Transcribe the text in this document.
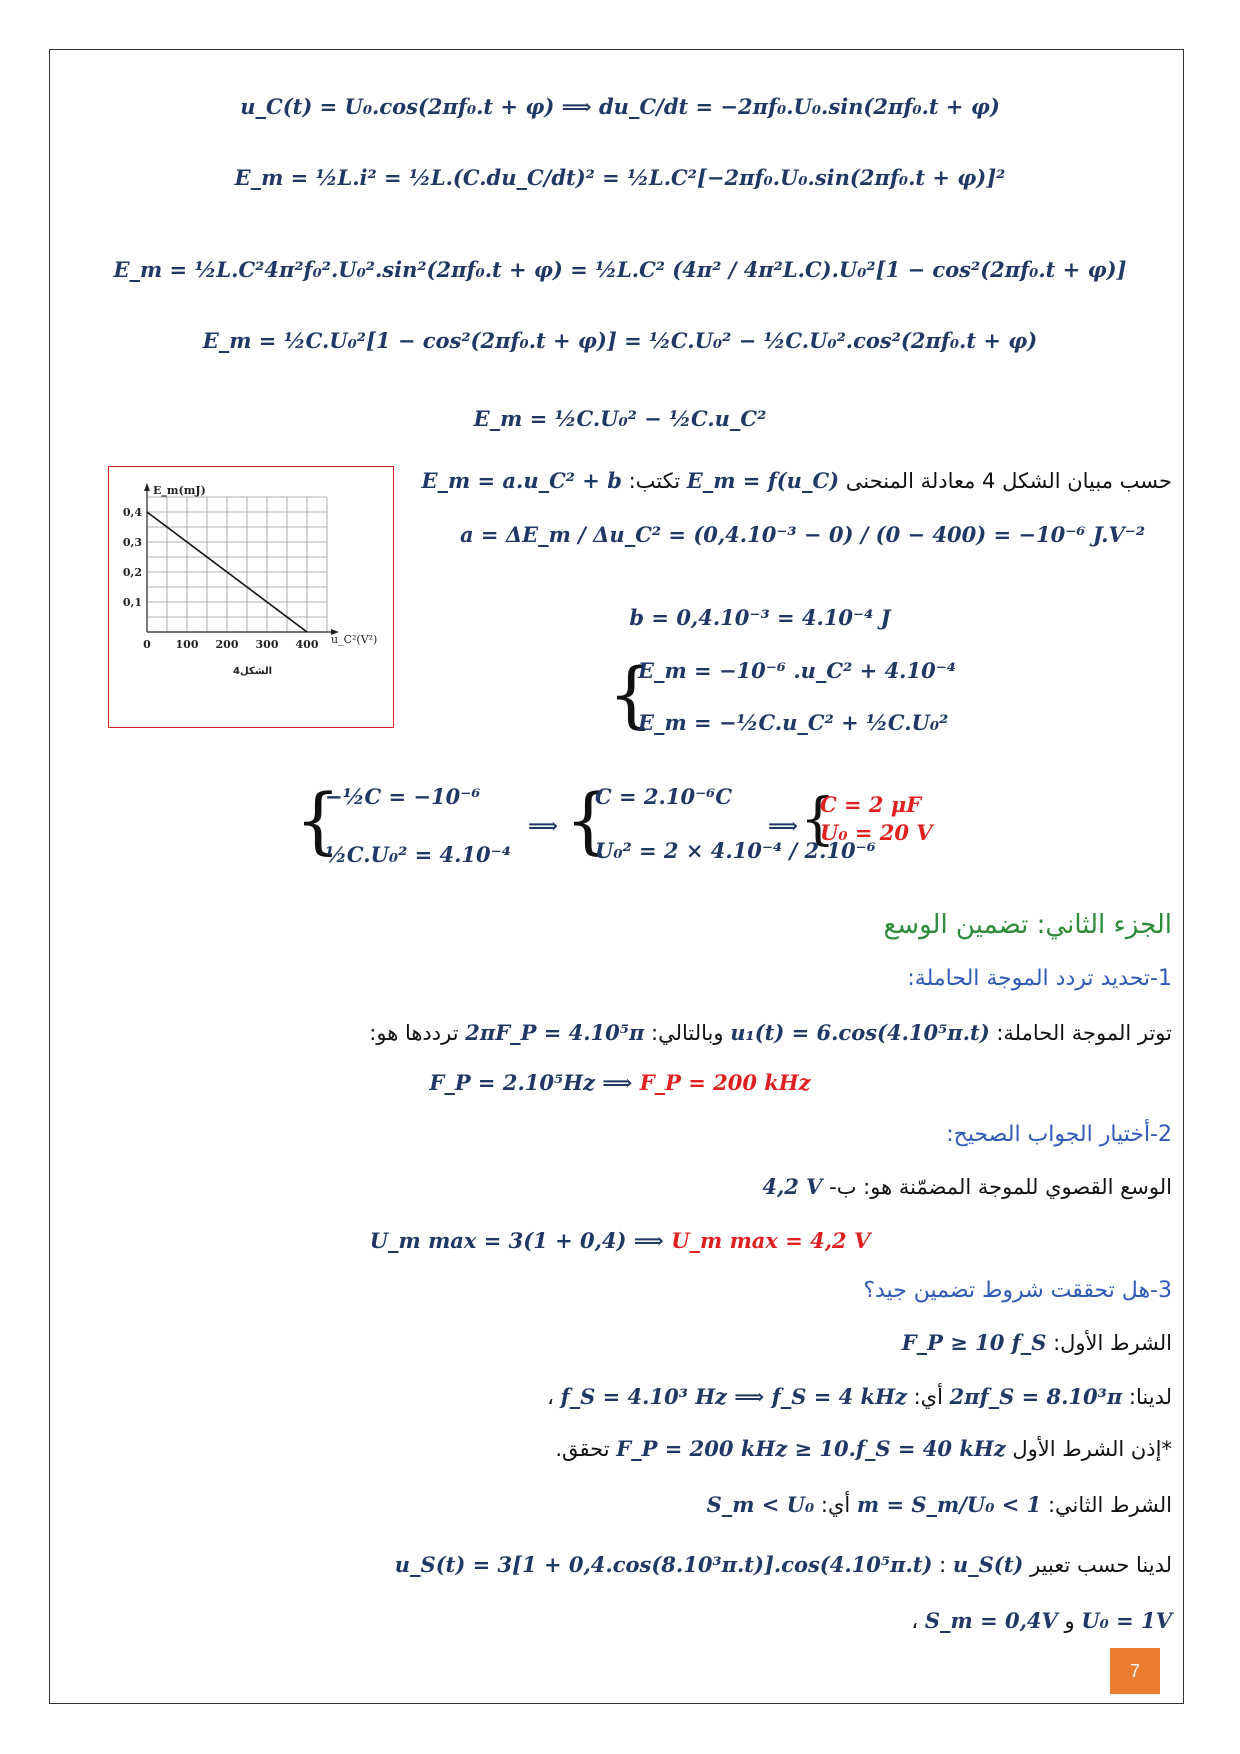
u_C(t) = U₀.cos(2πf₀.t + φ) ⟹ du_C/dt = −2πf₀.U₀.sin(2πf₀.t + φ)
E_m = ½L.i² = ½L.(C.du_C/dt)² = ½L.C²[−2πf₀.U₀.sin(2πf₀.t + φ)]²
E_m = ½L.C²4π²f₀².U₀².sin²(2πf₀.t + φ) = ½L.C² (4π² / 4π²L.C).U₀²[1 − cos²(2πf₀.t + φ)]
E_m = ½C.U₀²[1 − cos²(2πf₀.t + φ)] = ½C.U₀² − ½C.U₀².cos²(2πf₀.t + φ)
E_m = ½C.U₀² − ½C.u_C²
حسب مبيان الشكل 4 معادلة المنحنى E_m = f(u_C) تكتب: E_m = a.u_C² + b
0 100 200 300 400
0,1
0,2
0,3
0,4
E_m(mJ)
u_C²(V²)
الشكل4
a = ΔE_m / Δu_C² = (0,4.10⁻³ − 0) / (0 − 400) = −10⁻⁶ J.V⁻²
b = 0,4.10⁻³ = 4.10⁻⁴ J
{
E_m = −10⁻⁶ .u_C² + 4.10⁻⁴
E_m = −½C.u_C² + ½C.U₀²
{
−½C = −10⁻⁶
½C.U₀² = 4.10⁻⁴
⟹ {
C = 2.10⁻⁶C
U₀² = 2 × 4.10⁻⁴ / 2.10⁻⁶
⟹ {
C = 2 μF
U₀ = 20 V
الجزء الثاني: تضمين الوسع
1-تحديد تردد الموجة الحاملة:
توتر الموجة الحاملة: u₁(t) = 6.cos(4.10⁵π.t) وبالتالي: 2πF_P = 4.10⁵π ترددها هو:
F_P = 2.10⁵Hz ⟹ F_P = 200 kHz
2-أختيار الجواب الصحيح:
الوسع القصوي للموجة المضمّنة هو: ب- 4,2 V
U_m max = 3(1 + 0,4) ⟹ U_m max = 4,2 V
3-هل تحققت شروط تضمين جيد؟
الشرط الأول: F_P ≥ 10 f_S
لدينا: 2πf_S = 8.10³π أي: f_S = 4.10³ Hz ⟹ f_S = 4 kHz ،
*إذن الشرط الأول F_P = 200 kHz ≥ 10.f_S = 40 kHz تحقق.
الشرط الثاني: m = S_m/U₀ < 1 أي: S_m < U₀
لدينا حسب تعبير u_S(t) : u_S(t) = 3[1 + 0,4.cos(8.10³π.t)].cos(4.10⁵π.t)
U₀ = 1V و S_m = 0,4V ،
7
